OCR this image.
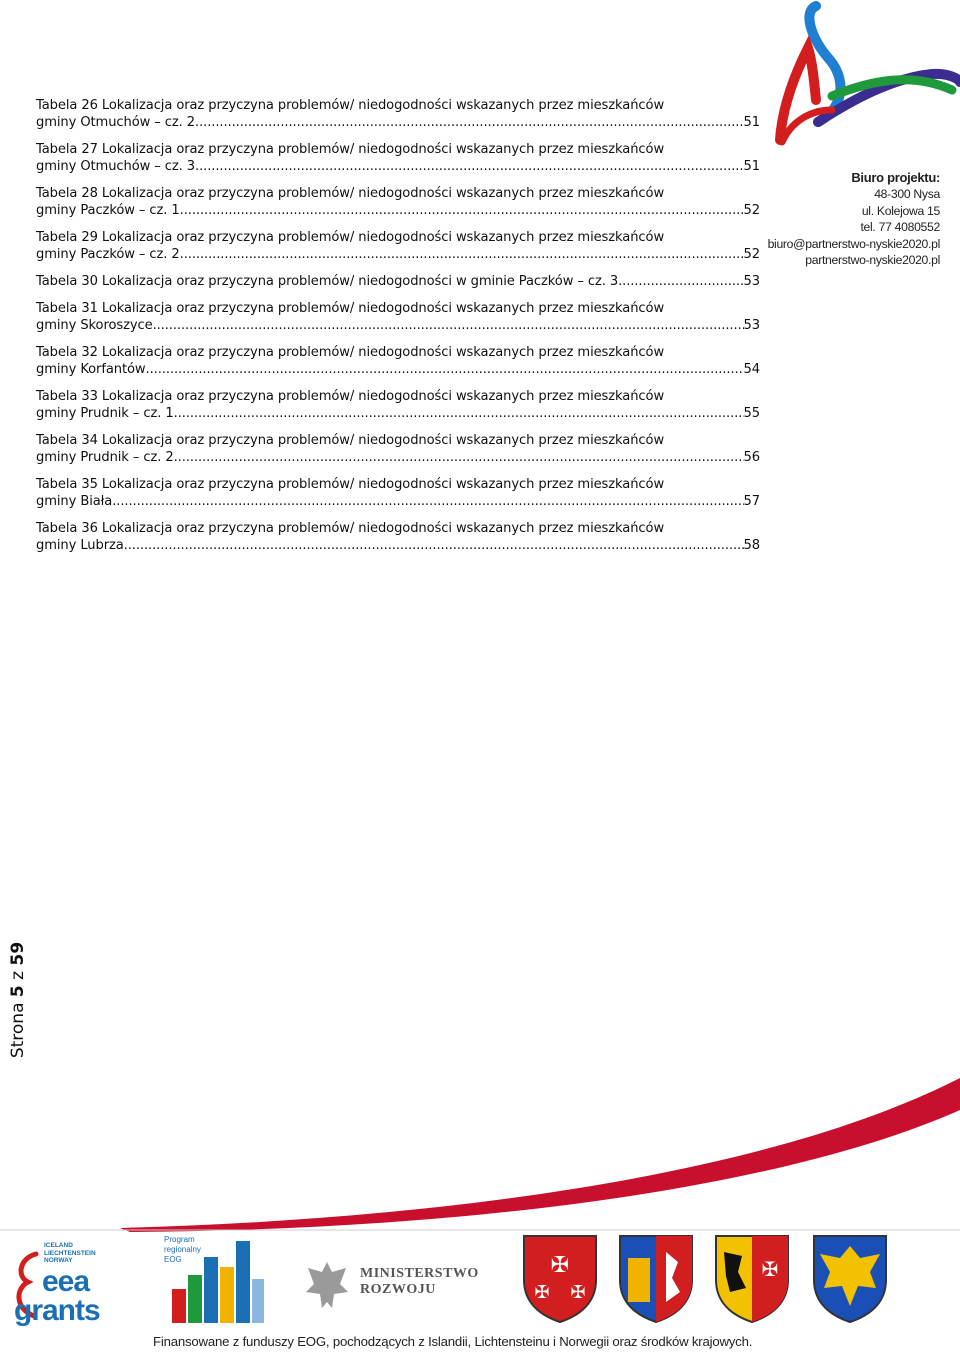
Tabela 26 Lokalizacja oraz przyczyna problemów/ niedogodności wskazanych przez mieszkańców
gminy Otmuchów – cz. 2 .....	51
Tabela 27 Lokalizacja oraz przyczyna problemów/ niedogodności wskazanych przez mieszkańców
gminy Otmuchów – cz. 3 .....	51
Tabela 28 Lokalizacja oraz przyczyna problemów/ niedogodności wskazanych przez mieszkańców
gminy Paczków – cz. 1 .....	52
Tabela 29 Lokalizacja oraz przyczyna problemów/ niedogodności wskazanych przez mieszkańców
gminy Paczków – cz. 2 .....	52
Tabela 30 Lokalizacja oraz przyczyna problemów/ niedogodności w gminie Paczków – cz. 3 .....	53
Tabela 31 Lokalizacja oraz przyczyna problemów/ niedogodności wskazanych przez mieszkańców
gminy Skoroszyce .....	53
Tabela 32 Lokalizacja oraz przyczyna problemów/ niedogodności wskazanych przez mieszkańców
gminy Korfantów .....	54
Tabela 33 Lokalizacja oraz przyczyna problemów/ niedogodności wskazanych przez mieszkańców
gminy Prudnik – cz. 1 .....	55
Tabela 34 Lokalizacja oraz przyczyna problemów/ niedogodności wskazanych przez mieszkańców
gminy Prudnik – cz. 2 .....	56
Tabela 35 Lokalizacja oraz przyczyna problemów/ niedogodności wskazanych przez mieszkańców
gminy Biała .....	57
Tabela 36 Lokalizacja oraz przyczyna problemów/ niedogodności wskazanych przez mieszkańców
gminy Lubrza .....	58
Biuro projektu:
48-300 Nysa
ul. Kolejowa 15
tel. 77 4080552
biuro@partnerstwo-nyskie2020.pl
partnerstwo-nyskie2020.pl
Strona 5 z 59
ICELAND
LIECHTENSTEIN
NORWAY
eea
grants
Program
regionalny
EOG
MINISTERSTWO
ROZWOJU
✠
✠ ✠
✠
Finansowane z funduszy EOG, pochodzących z Islandii, Lichtensteinu i Norwegii oraz środków krajowych.
